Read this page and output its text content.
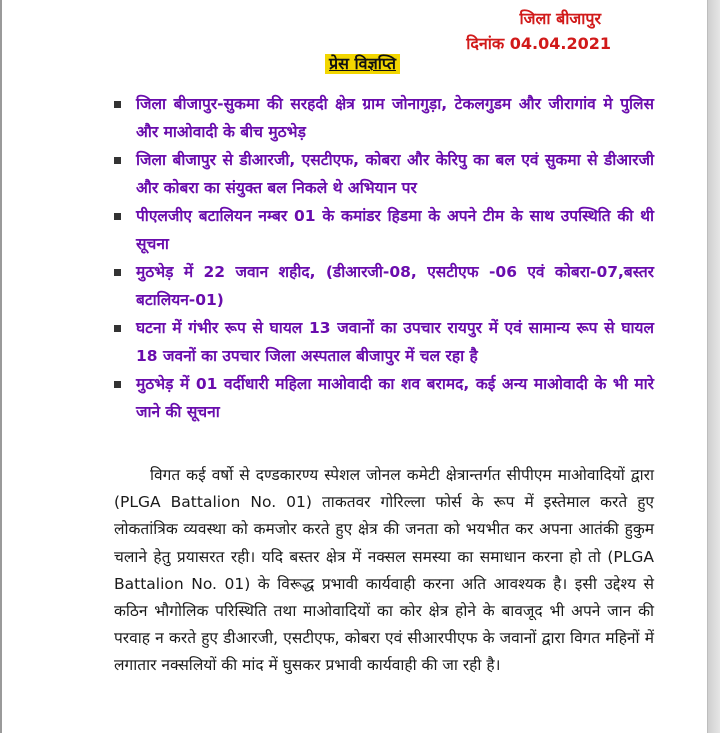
जिला बीजापुर
दिनांक 04.04.2021
प्रेस विज्ञप्ति
जिला बीजापुर-सुकमा की सरहदी क्षेत्र ग्राम जोनागुड़ा, टेकलगुडम और जीरागांव मे पुलिस और माओवादी के बीच मुठभेड़
जिला बीजापुर से डीआरजी, एसटीएफ, कोबरा और केरिपु का बल एवं सुकमा से डीआरजी और कोबरा का संयुक्त बल निकले थे अभियान पर
पीएलजीए बटालियन नम्बर 01 के कमांडर हिडमा के अपने टीम के साथ उपस्थिति की थी सूचना
मुठभेड़ में 22 जवान शहीद, (डीआरजी-08, एसटीएफ -06 एवं कोबरा-07,बस्तर बटालियन-01)
घटना में गंभीर रूप से घायल 13 जवानों का उपचार रायपुर में एवं सामान्य रूप से घायल 18 जवनों का उपचार जिला अस्पताल बीजापुर में चल रहा है
मुठभेड़ में 01 वर्दीधारी महिला माओवादी का शव बरामद, कई अन्य माओवादी के भी मारे जाने की सूचना

विगत कई वर्षो से दण्डकारण्य स्पेशल जोनल कमेटी क्षेत्रान्तर्गत सीपीएम माओवादियों द्वारा (PLGA Battalion No. 01) ताकतवर गोरिल्ला फोर्स के रूप में इस्तेमाल करते हुए लोकतांत्रिक व्यवस्था को कमजोर करते हुए क्षेत्र की जनता को भयभीत कर अपना आतंकी हुकुम चलाने हेतु प्रयासरत रही। यदि बस्तर क्षेत्र में नक्सल समस्या का समाधान करना हो तो (PLGA Battalion No. 01) के विरूद्ध प्रभावी कार्यवाही करना अति आवश्यक है। इसी उद्देश्य से कठिन भौगोलिक परिस्थिति तथा माओवादियों का कोर क्षेत्र होने के बावजूद भी अपने जान की परवाह न करते हुए डीआरजी, एसटीएफ, कोबरा एवं सीआरपीएफ के जवानों द्वारा विगत महिनों में लगातार नक्सलियों की मांद में घुसकर प्रभावी कार्यवाही की जा रही है।
